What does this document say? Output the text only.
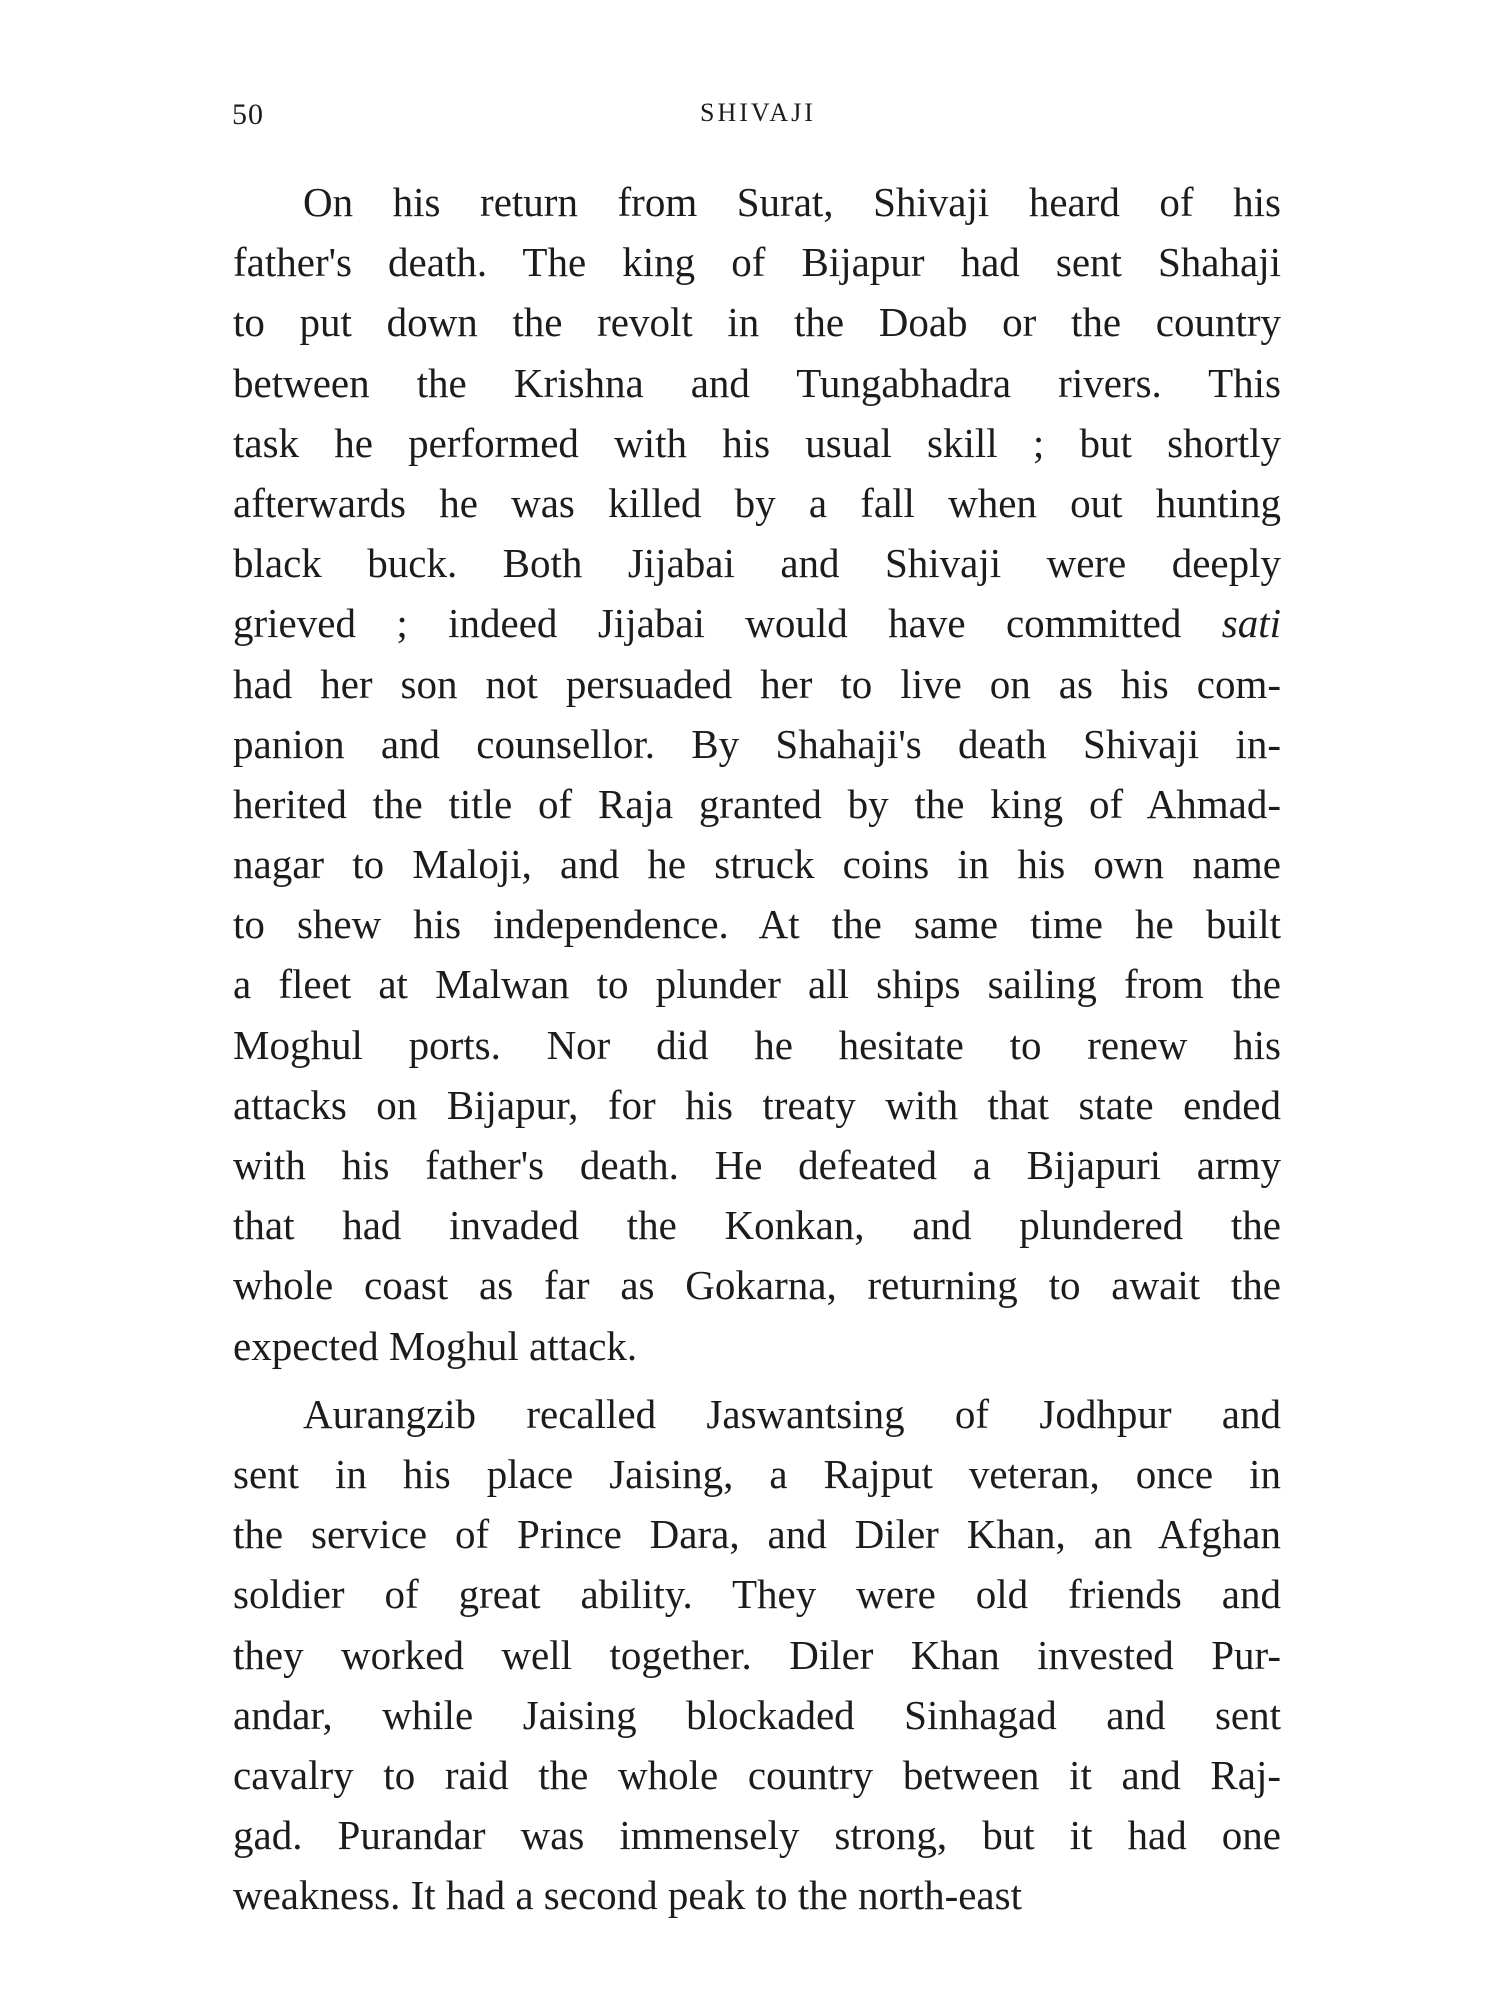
50	SHIVAJI
On his return from Surat, Shivaji heard of his
father's death. The king of Bijapur had sent Shahaji
to put down the revolt in the Doab or the country
between the Krishna and Tungabhadra rivers. This
task he performed with his usual skill ; but shortly
afterwards he was killed by a fall when out hunting
black buck. Both Jijabai and Shivaji were deeply
grieved ; indeed Jijabai would have committed sati
had her son not persuaded her to live on as his com-
panion and counsellor. By Shahaji's death Shivaji in-
herited the title of Raja granted by the king of Ahmad-
nagar to Maloji, and he struck coins in his own name
to shew his independence. At the same time he built
a fleet at Malwan to plunder all ships sailing from the
Moghul ports. Nor did he hesitate to renew his
attacks on Bijapur, for his treaty with that state ended
with his father's death. He defeated a Bijapuri army
that had invaded the Konkan, and plundered the
whole coast as far as Gokarna, returning to await the
expected Moghul attack.
Aurangzib recalled Jaswantsing of Jodhpur and
sent in his place Jaising, a Rajput veteran, once in
the service of Prince Dara, and Diler Khan, an Afghan
soldier of great ability. They were old friends and
they worked well together. Diler Khan invested Pur-
andar, while Jaising blockaded Sinhagad and sent
cavalry to raid the whole country between it and Raj-
gad. Purandar was immensely strong, but it had one
weakness. It had a second peak to the north-east
